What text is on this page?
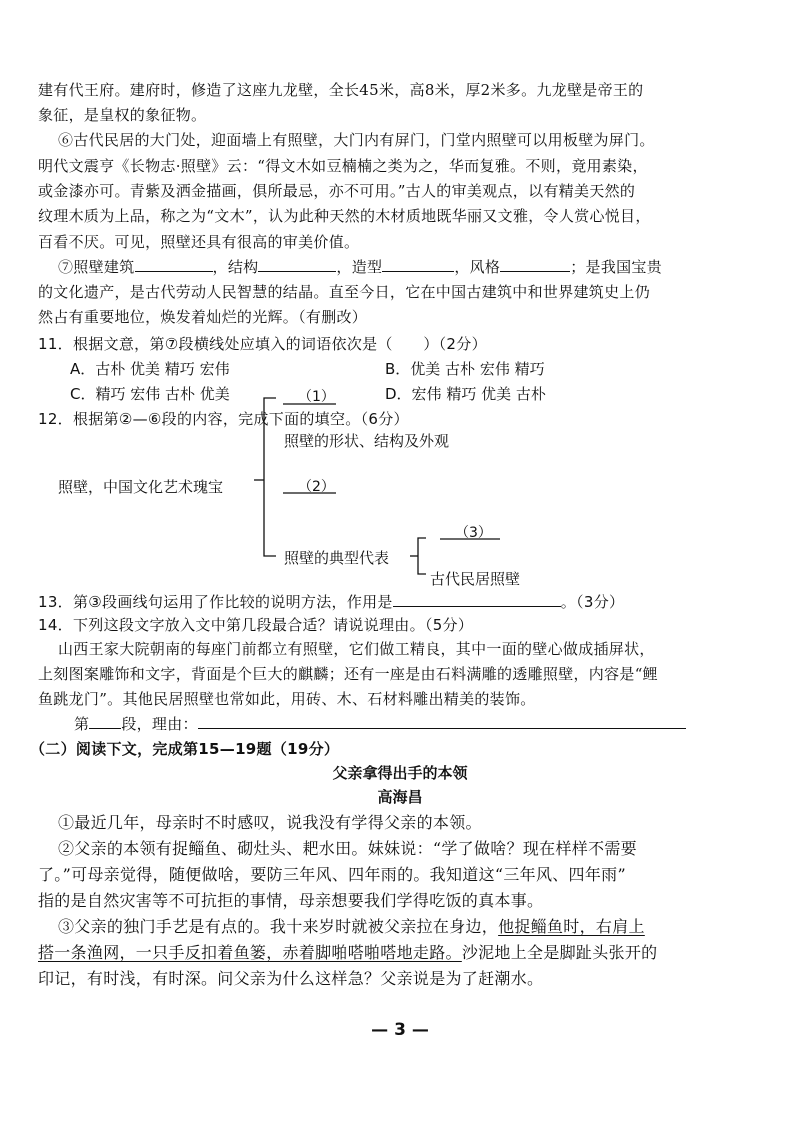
建有代王府。建府时，修造了这座九龙壁，全长45米，高8米，厚2米多。九龙壁是帝王的
象征，是皇权的象征物。
⑥古代民居的大门处，迎面墙上有照壁，大门内有屏门，门堂内照壁可以用板壁为屏门。
明代文震亨《长物志·照壁》云：“得文木如豆楠楠之类为之，华而复雅。不则，竟用素染，
或金漆亦可。青紫及洒金描画，俱所最忌，亦不可用。”古人的审美观点，以有精美天然的
纹理木质为上品，称之为“文木”，认为此种天然的木材质地既华丽又文雅，令人赏心悦目，
百看不厌。可见，照壁还具有很高的审美价值。
⑦照壁建筑	，结构	，造型	，风格	；是我国宝贵
的文化遗产，是古代劳动人民智慧的结晶。直至今日，它在中国古建筑中和世界建筑史上仍
然占有重要地位，焕发着灿烂的光辉。（有删改）
11．根据文意，第⑦段横线处应填入的词语依次是（　　）（2分）
A．古朴 优美 精巧 宏伟	B．优美 古朴 宏伟 精巧
C．精巧 宏伟 古朴 优美	D．宏伟 精巧 优美 古朴
12．根据第②—⑥段的内容，完成下面的填空。（6分）
照壁，中国文化艺术瑰宝
（1）
照壁的形状、结构及外观
（2）
照壁的典型代表
（3）
古代民居照壁
13．第③段画线句运用了作比较的说明方法，作用是	。（3分）
14．下列这段文字放入文中第几段最合适？请说说理由。（5分）
山西王家大院朝南的每座门前都立有照壁，它们做工精良，其中一面的壁心做成插屏状，
上刻图案雕饰和文字，背面是个巨大的麒麟；还有一座是由石料满雕的透雕照壁，内容是“鲤
鱼跳龙门”。其他民居照壁也常如此，用砖、木、石材料雕出精美的装饰。
第 段，理由：
（二）阅读下文，完成第15—19题（19分）
父亲拿得出手的本领
高海昌
①最近几年，母亲时不时感叹，说我没有学得父亲的本领。
②父亲的本领有捉鲻鱼、砌灶头、耙水田。妹妹说：“学了做啥？现在样样不需要
了。”可母亲觉得，随便做啥，要防三年风、四年雨的。我知道这“三年风、四年雨”
指的是自然灾害等不可抗拒的事情，母亲想要我们学得吃饭的真本事。
③父亲的独门手艺是有点的。我十来岁时就被父亲拉在身边，他捉鲻鱼时，右肩上
搭一条渔网，一只手反扣着鱼篓，赤着脚啪嗒啪嗒地走路。沙泥地上全是脚趾头张开的
印记，有时浅，有时深。问父亲为什么这样急？父亲说是为了赶潮水。
— 3 —
